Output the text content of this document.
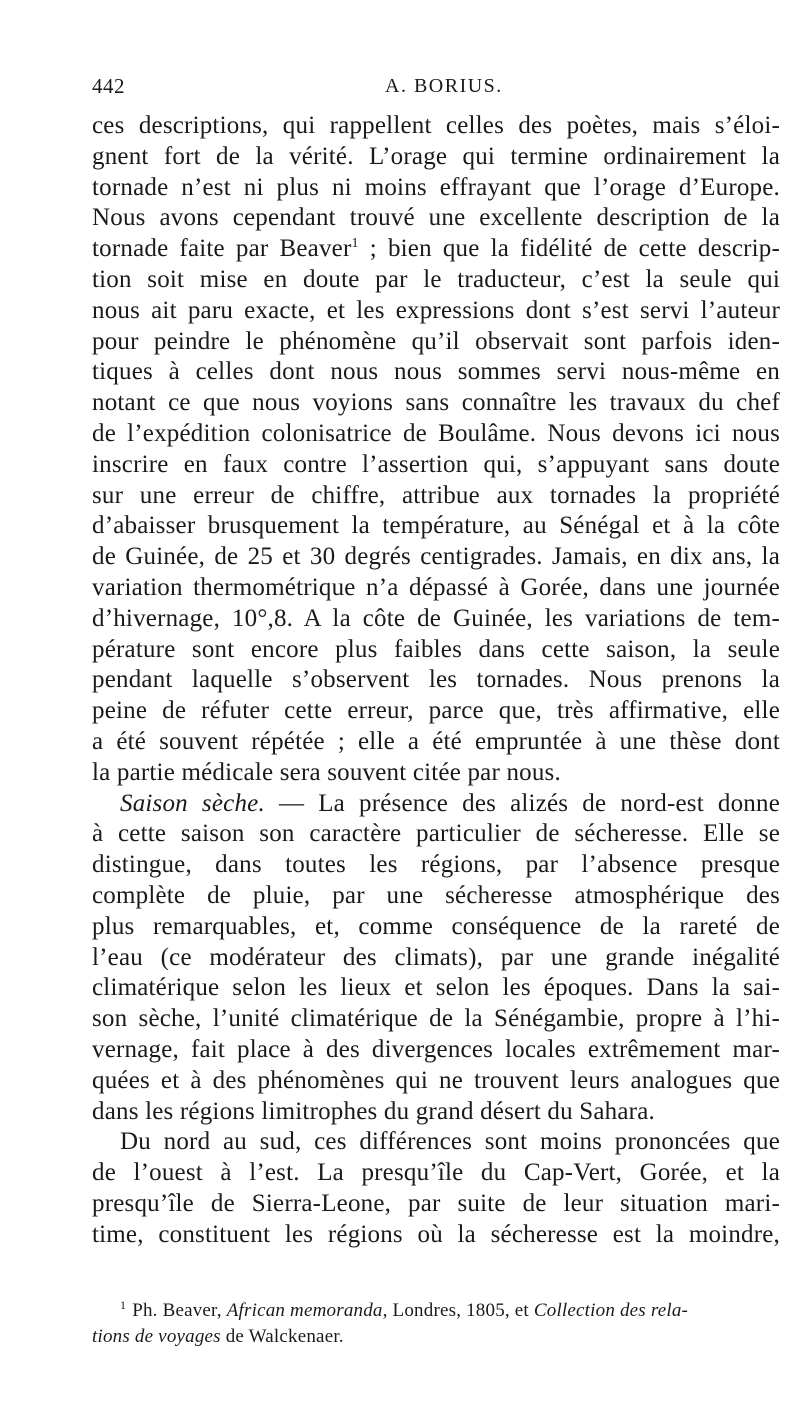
442	A. BORIUS.
ces descriptions, qui rappellent celles des poètes, mais s’éloi-
gnent fort de la vérité. L’orage qui termine ordinairement la
tornade n’est ni plus ni moins effrayant que l’orage d’Europe.
Nous avons cependant trouvé une excellente description de la
tornade faite par Beaver$^1$ ; bien que la fidélité de cette descrip-
tion soit mise en doute par le traducteur, c’est la seule qui
nous ait paru exacte, et les expressions dont s’est servi l’auteur
pour peindre le phénomène qu’il observait sont parfois iden-
tiques à celles dont nous nous sommes servi nous-même en
notant ce que nous voyions sans connaître les travaux du chef
de l’expédition colonisatrice de Boulâme. Nous devons ici nous
inscrire en faux contre l’assertion qui, s’appuyant sans doute
sur une erreur de chiffre, attribue aux tornades la propriété
d’abaisser brusquement la température, au Sénégal et à la côte
de Guinée, de 25 et 30 degrés centigrades. Jamais, en dix ans, la
variation thermométrique n’a dépassé à Gorée, dans une journée
d’hivernage, 10°,8. A la côte de Guinée, les variations de tem-
pérature sont encore plus faibles dans cette saison, la seule
pendant laquelle s’observent les tornades. Nous prenons la
peine de réfuter cette erreur, parce que, très affirmative, elle
a été souvent répétée ; elle a été empruntée à une thèse dont
la partie médicale sera souvent citée par nous.
Saison sèche. — La présence des alizés de nord-est donne
à cette saison son caractère particulier de sécheresse. Elle se
distingue, dans toutes les régions, par l’absence presque
complète de pluie, par une sécheresse atmosphérique des
plus remarquables, et, comme conséquence de la rareté de
l’eau (ce modérateur des climats), par une grande inégalité
climatérique selon les lieux et selon les époques. Dans la sai-
son sèche, l’unité climatérique de la Sénégambie, propre à l’hi-
vernage, fait place à des divergences locales extrêmement mar-
quées et à des phénomènes qui ne trouvent leurs analogues que
dans les régions limitrophes du grand désert du Sahara.
Du nord au sud, ces différences sont moins prononcées que
de l’ouest à l’est. La presqu’île du Cap-Vert, Gorée, et la
presqu’île de Sierra-Leone, par suite de leur situation mari-
time, constituent les régions où la sécheresse est la moindre,
$^1$ Ph. Beaver, African memoranda, Londres, 1805, et Collection des rela-
tions de voyages de Walckenaer.
